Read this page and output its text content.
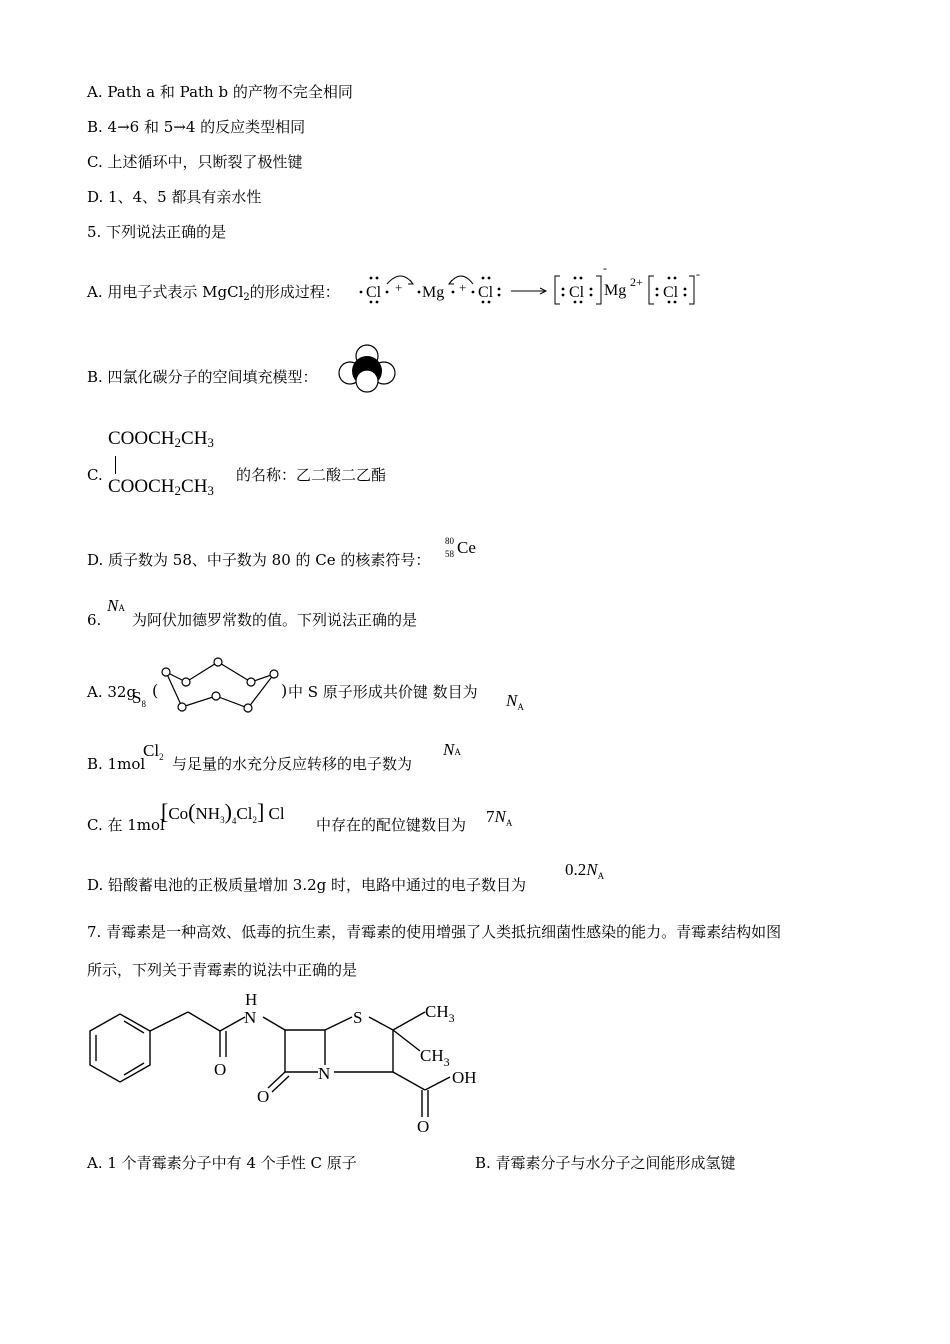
A. Path a 和 Path b 的产物不完全相同
B. 4→6 和 5→4 的反应类型相同
C. 上述循环中，只断裂了极性键
D. 1、4、5 都具有亲水性
5. 下列说法正确的是
A. 用电子式表示 MgCl$_2$的形成过程： Cl + Mg + Cl	Cl
-
Mg 2+
Cl
-
B. 四氯化碳分子的空间填充模型：
C.
$COOCH_2CH_3$
$COOCH_2CH_3$
的名称：乙二酸二乙酯
D. 质子数为 58、中子数为 80 的 Ce 的核素符号：
80
58 Ce
6.
NA
为阿伏加德罗常数的值。下列说法正确的是
A. 32g
$S_8$
(	) 中 S 原子形成共价键 数目为 $N_A$
B. 1mol
$Cl_2$ 与足量的水充分反应转移的电子数为
NA
C. 在 1mol
$[Co(NH_3)_4Cl_2]$ Cl
中存在的配位键数目为 $7N_A$
D. 铅酸蓄电池的正极质量增加 3.2g 时，电路中通过的电子数目为
$0.2N_A$
7. 青霉素是一种高效、低毒的抗生素，青霉素的使用增强了人类抵抗细菌性感染的能力。青霉素结构如图
所示，下列关于青霉素的说法中正确的是
H
N
O
S
N
O
$CH_3$
$CH_3$
OH
O
A. 1 个青霉素分子中有 4 个手性 C 原子	B. 青霉素分子与水分子之间能形成氢键
